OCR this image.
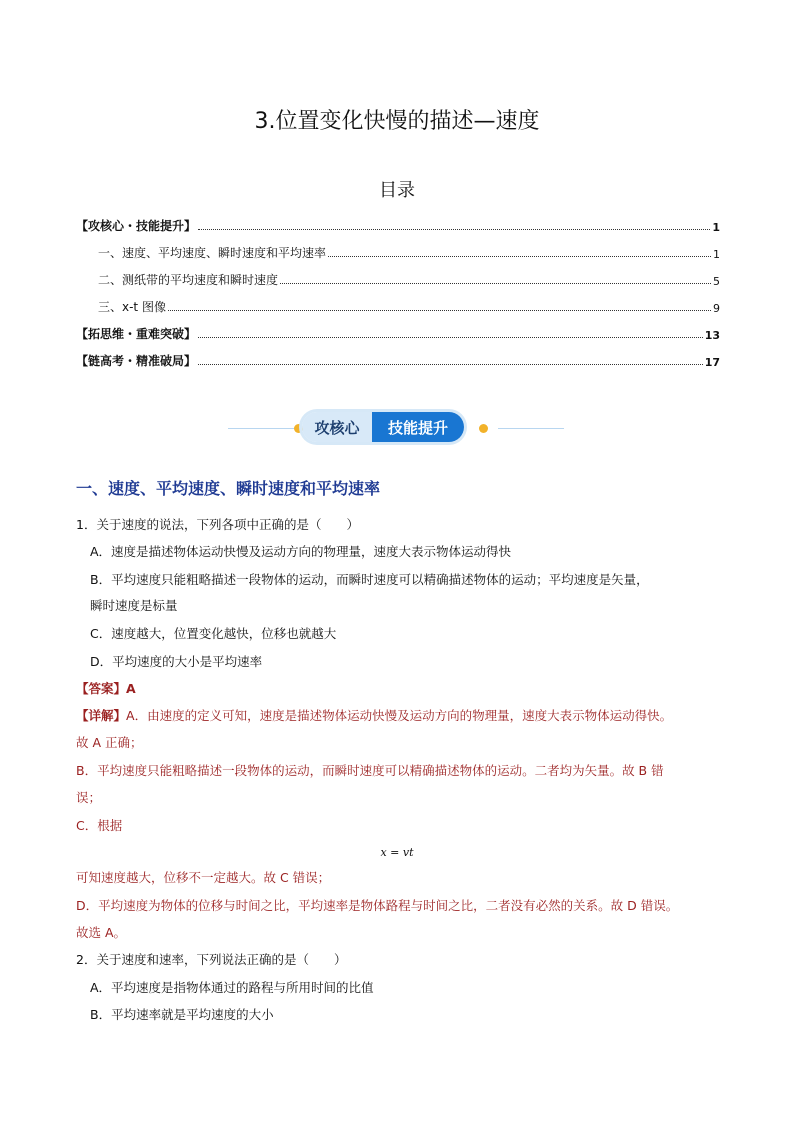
3.位置变化快慢的描述—速度
目录
【攻核心・技能提升】	1
一、速度、平均速度、瞬时速度和平均速率	1
二、测纸带的平均速度和瞬时速度	5
三、x-t 图像	9
【拓思维・重难突破】	13
【链高考・精准破局】	17
攻核心	技能提升
一、速度、平均速度、瞬时速度和平均速率
1．关于速度的说法，下列各项中正确的是（　　）
A．速度是描述物体运动快慢及运动方向的物理量，速度大表示物体运动得快
B．平均速度只能粗略描述一段物体的运动，而瞬时速度可以精确描述物体的运动；平均速度是矢量，
瞬时速度是标量
C．速度越大，位置变化越快，位移也就越大
D．平均速度的大小是平均速率
【答案】A
【详解】A．由速度的定义可知，速度是描述物体运动快慢及运动方向的物理量，速度大表示物体运动得快。
故 A 正确；
B．平均速度只能粗略描述一段物体的运动，而瞬时速度可以精确描述物体的运动。二者均为矢量。故 B 错
误；
C．根据
x = vt
可知速度越大，位移不一定越大。故 C 错误；
D．平均速度为物体的位移与时间之比，平均速率是物体路程与时间之比，二者没有必然的关系。故 D 错误。
故选 A。
2．关于速度和速率，下列说法正确的是（　　）
A．平均速度是指物体通过的路程与所用时间的比值
B．平均速率就是平均速度的大小
